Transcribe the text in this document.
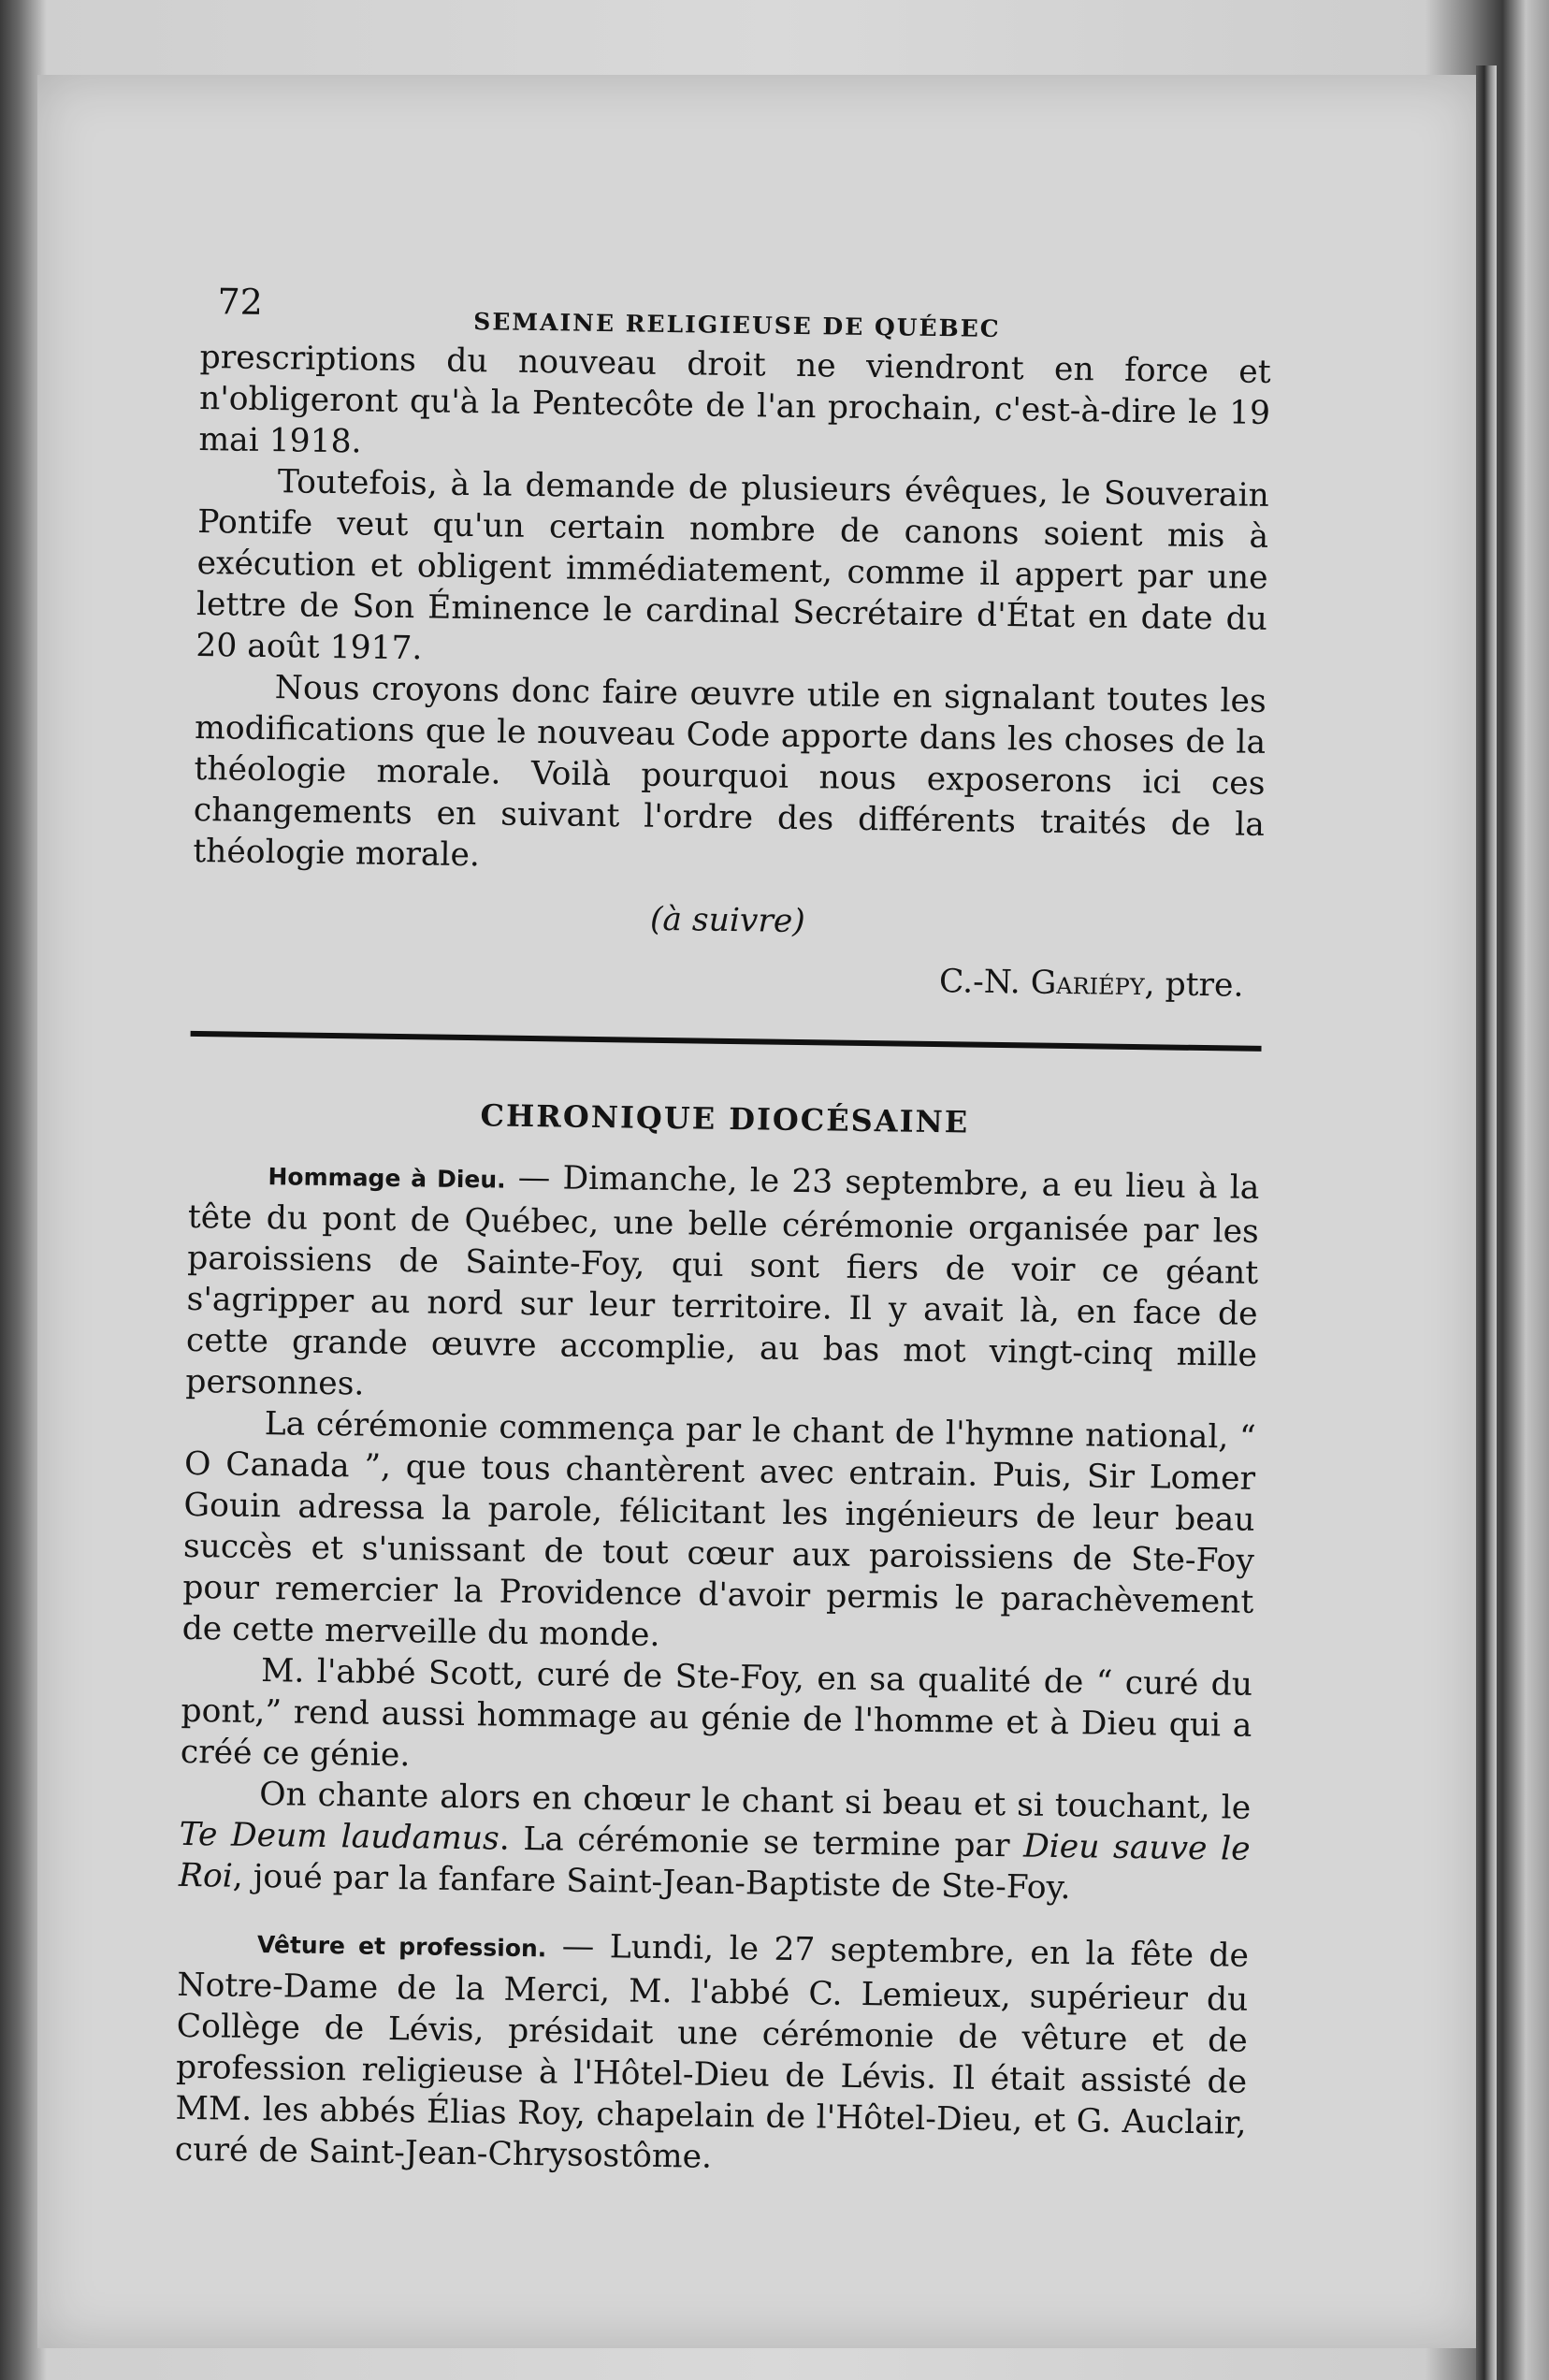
72
SEMAINE RELIGIEUSE DE QUÉBEC

prescriptions du nouveau droit ne viendront en force et n'obligeront qu'à la Pentecôte de l'an prochain, c'est-à-dire le 19 mai 1918.

Toutefois, à la demande de plusieurs évêques, le Souverain Pontife veut qu'un certain nombre de canons soient mis à exécution et obligent immédiatement, comme il appert par une lettre de Son Éminence le cardinal Secrétaire d'État en date du 20 août 1917.

Nous croyons donc faire œuvre utile en signalant toutes les modifications que le nouveau Code apporte dans les choses de la théologie morale. Voilà pourquoi nous exposerons ici ces changements en suivant l'ordre des différents traités de la théologie morale.

(à suivre)
C.-N. Gariépy, ptre.
CHRONIQUE DIOCÉSAINE

Hommage à Dieu. — Dimanche, le 23 septembre, a eu lieu à la tête du pont de Québec, une belle cérémonie organisée par les paroissiens de Sainte-Foy, qui sont fiers de voir ce géant s'agripper au nord sur leur territoire. Il y avait là, en face de cette grande œuvre accomplie, au bas mot vingt-cinq mille personnes.

La cérémonie commença par le chant de l'hymne national, “ O Canada ”, que tous chantèrent avec entrain. Puis, Sir Lomer Gouin adressa la parole, félicitant les ingénieurs de leur beau succès et s'unissant de tout cœur aux paroissiens de Ste-Foy pour remercier la Providence d'avoir permis le parachèvement de cette merveille du monde.

M. l'abbé Scott, curé de Ste-Foy, en sa qualité de “ curé du pont,” rend aussi hommage au génie de l'homme et à Dieu qui a créé ce génie.

On chante alors en chœur le chant si beau et si touchant, le Te Deum laudamus. La cérémonie se termine par Dieu sauve le Roi, joué par la fanfare Saint-Jean-Baptiste de Ste-Foy.

Vêture et profession. — Lundi, le 27 septembre, en la fête de Notre-Dame de la Merci, M. l'abbé C. Lemieux, supérieur du Collège de Lévis, présidait une cérémonie de vêture et de profession religieuse à l'Hôtel-Dieu de Lévis. Il était assisté de MM. les abbés Élias Roy, chapelain de l'Hôtel-Dieu, et G. Auclair, curé de Saint-Jean-Chrysostôme.
